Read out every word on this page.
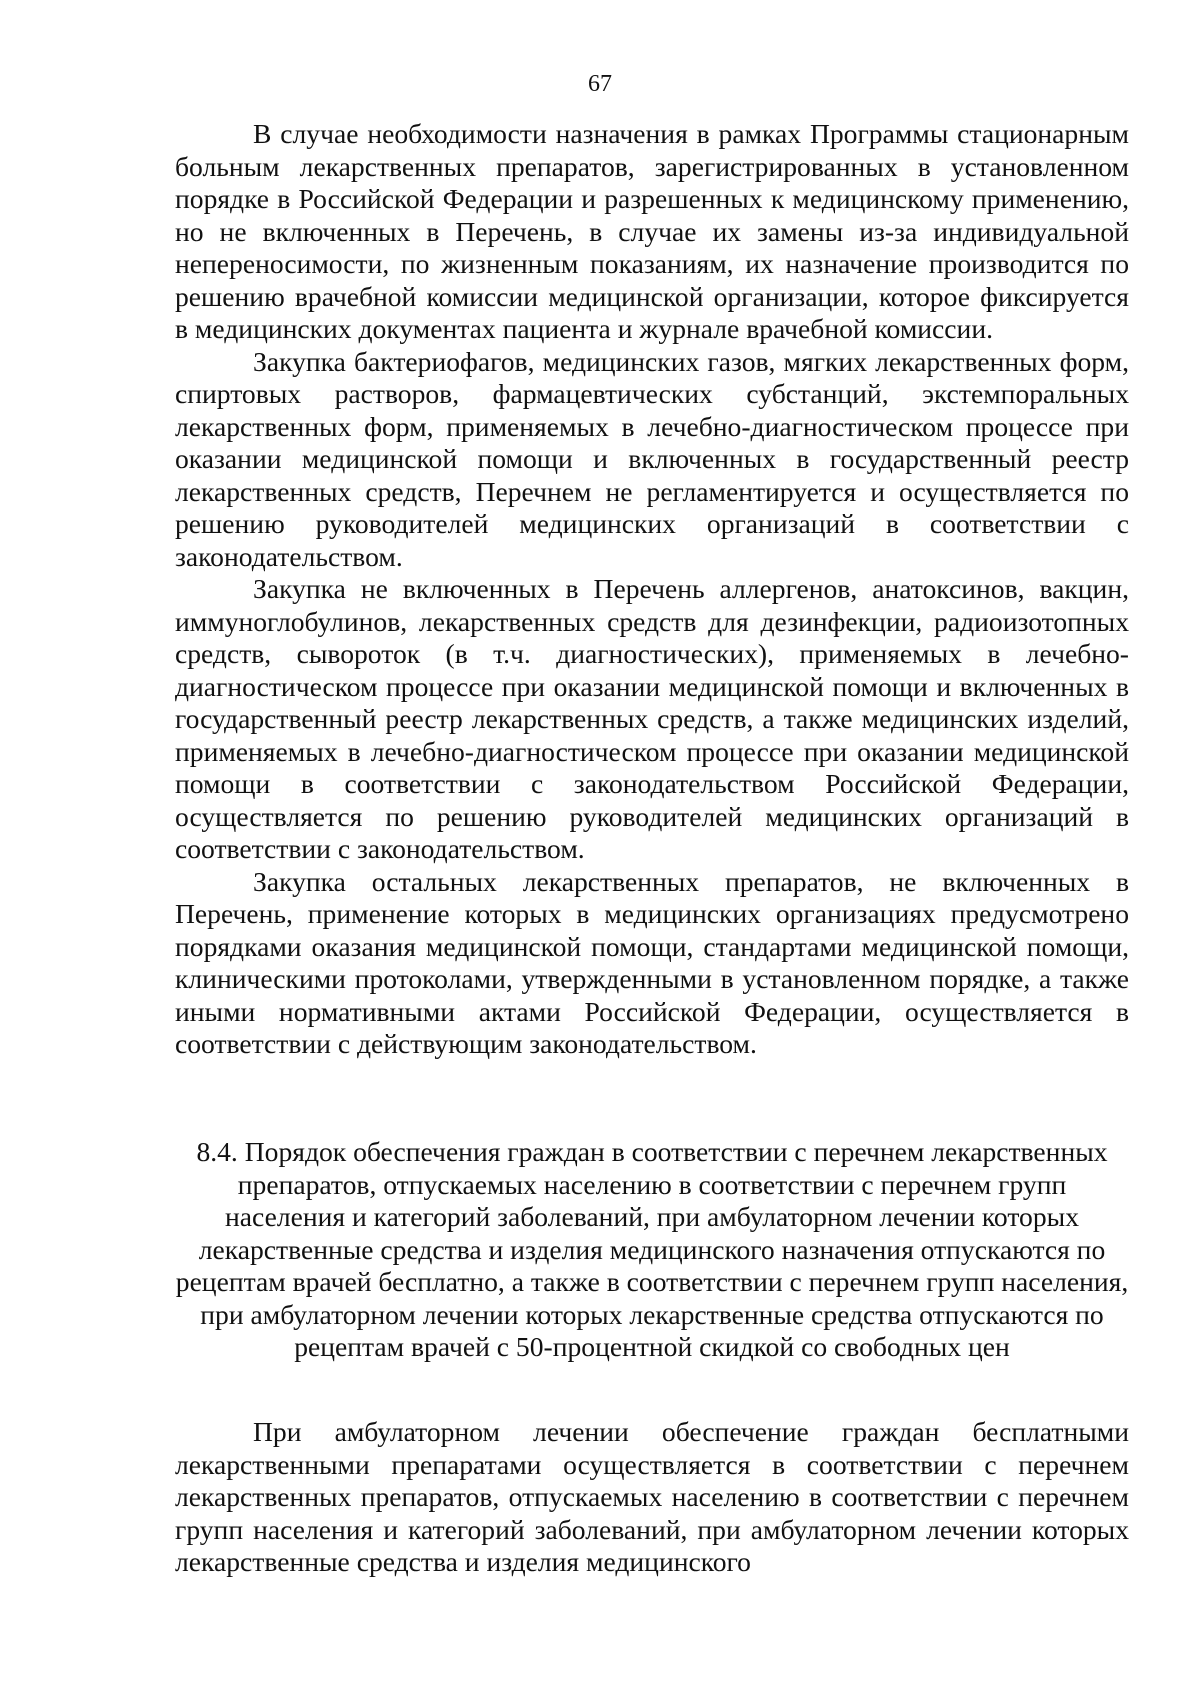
67

В случае необходимости назначения в рамках Программы стационарным больным лекарственных препаратов, зарегистрированных в установленном порядке в Российской Федерации и разрешенных к медицинскому применению, но не включенных в Перечень, в случае их замены из-за индивидуальной непереносимости, по жизненным показаниям, их назначение производится по решению врачебной комиссии медицинской организации, которое фиксируется в медицинских документах пациента и журнале врачебной комиссии.

Закупка бактериофагов, медицинских газов, мягких лекарственных форм, спиртовых растворов, фармацевтических субстанций, экстемпоральных лекарственных форм, применяемых в лечебно-диагностическом процессе при оказании медицинской помощи и включенных в государственный реестр лекарственных средств, Перечнем не регламентируется и осуществляется по решению руководителей медицинских организаций в соответствии с законодательством.

Закупка не включенных в Перечень аллергенов, анатоксинов, вакцин, иммуноглобулинов, лекарственных средств для дезинфекции, радиоизотопных средств, сывороток (в т.ч. диагностических), применяемых в лечебно-диагностическом процессе при оказании медицинской помощи и включенных в государственный реестр лекарственных средств, а также медицинских изделий, применяемых в лечебно-диагностическом процессе при оказании медицинской помощи в соответствии с законодательством Российской Федерации, осуществляется по решению руководителей медицинских организаций в соответствии с законодательством.

Закупка остальных лекарственных препаратов, не включенных в Перечень, применение которых в медицинских организациях предусмотрено порядками оказания медицинской помощи, стандартами медицинской помощи, клиническими протоколами, утвержденными в установленном порядке, а также иными нормативными актами Российской Федерации, осуществляется в соответствии с действующим законодательством.

8.4. Порядок обеспечения граждан в соответствии с перечнем лекарственных препаратов, отпускаемых населению в соответствии с перечнем групп населения и категорий заболеваний, при амбулаторном лечении которых лекарственные средства и изделия медицинского назначения отпускаются по рецептам врачей бесплатно, а также в соответствии с перечнем групп населения, при амбулаторном лечении которых лекарственные средства отпускаются по рецептам врачей с 50-процентной скидкой со свободных цен

При амбулаторном лечении обеспечение граждан бесплатными лекарственными препаратами осуществляется в соответствии с перечнем лекарственных препаратов, отпускаемых населению в соответствии с перечнем групп населения и категорий заболеваний, при амбулаторном лечении которых лекарственные средства и изделия медицинского
